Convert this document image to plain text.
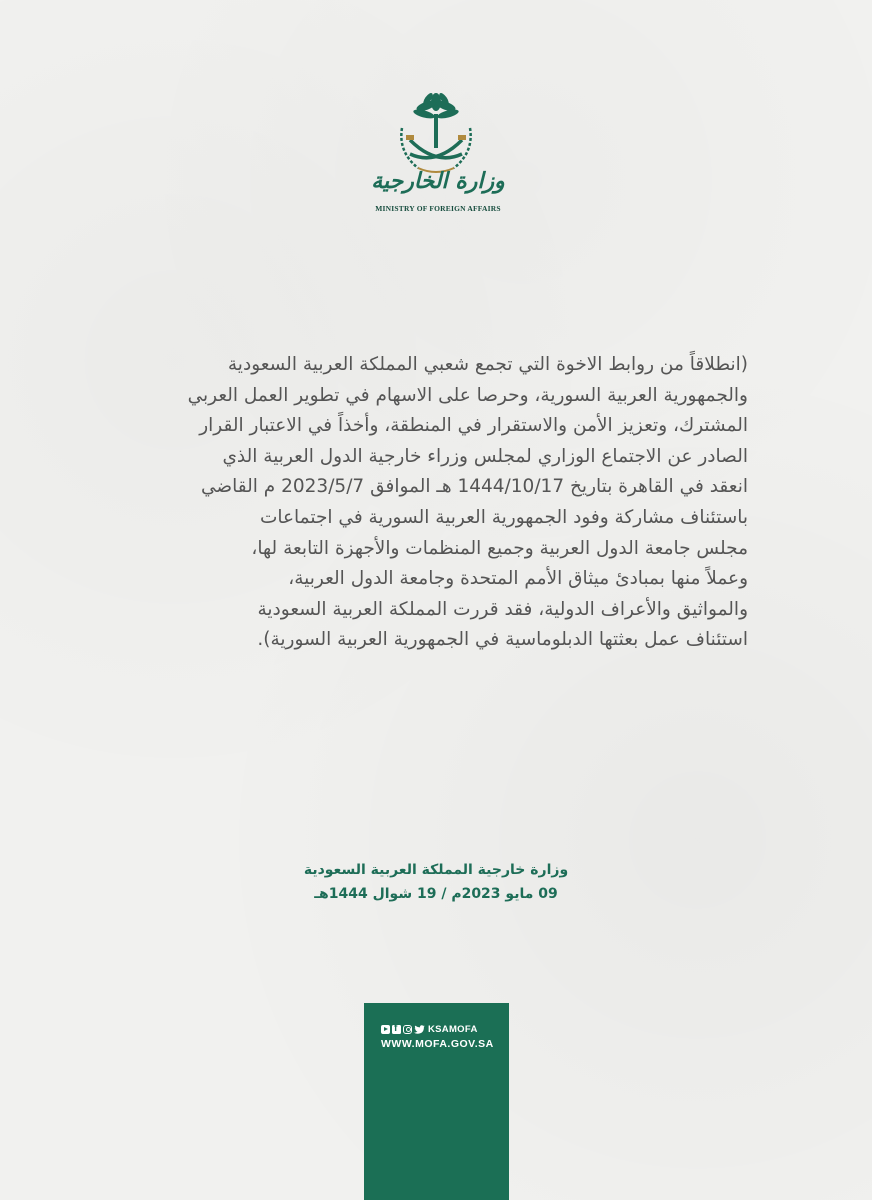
وزارة الخارجية
MINISTRY OF FOREIGN AFFAIRS
(انطلاقاً من روابط الاخوة التي تجمع شعبي المملكة العربية السعودية
والجمهورية العربية السورية، وحرصا على الاسهام في تطوير العمل العربي
المشترك، وتعزيز الأمن والاستقرار في المنطقة، وأخذاً في الاعتبار القرار
الصادر عن الاجتماع الوزاري لمجلس وزراء خارجية الدول العربية الذي
انعقد في القاهرة بتاريخ 1444/10/17 هـ الموافق 2023/5/7 م القاضي
باستئناف مشاركة وفود الجمهورية العربية السورية في اجتماعات
مجلس جامعة الدول العربية وجميع المنظمات والأجهزة التابعة لها،
وعملاً منها بمبادئ ميثاق الأمم المتحدة وجامعة الدول العربية،
والمواثيق والأعراف الدولية، فقد قررت المملكة العربية السعودية
استئناف عمل بعثتها الدبلوماسية في الجمهورية العربية السورية).
وزارة خارجية المملكة العربية السعودية
09 مايو 2023م / 19 شوال 1444هـ
f
KSAMOFA
WWW.MOFA.GOV.SA
